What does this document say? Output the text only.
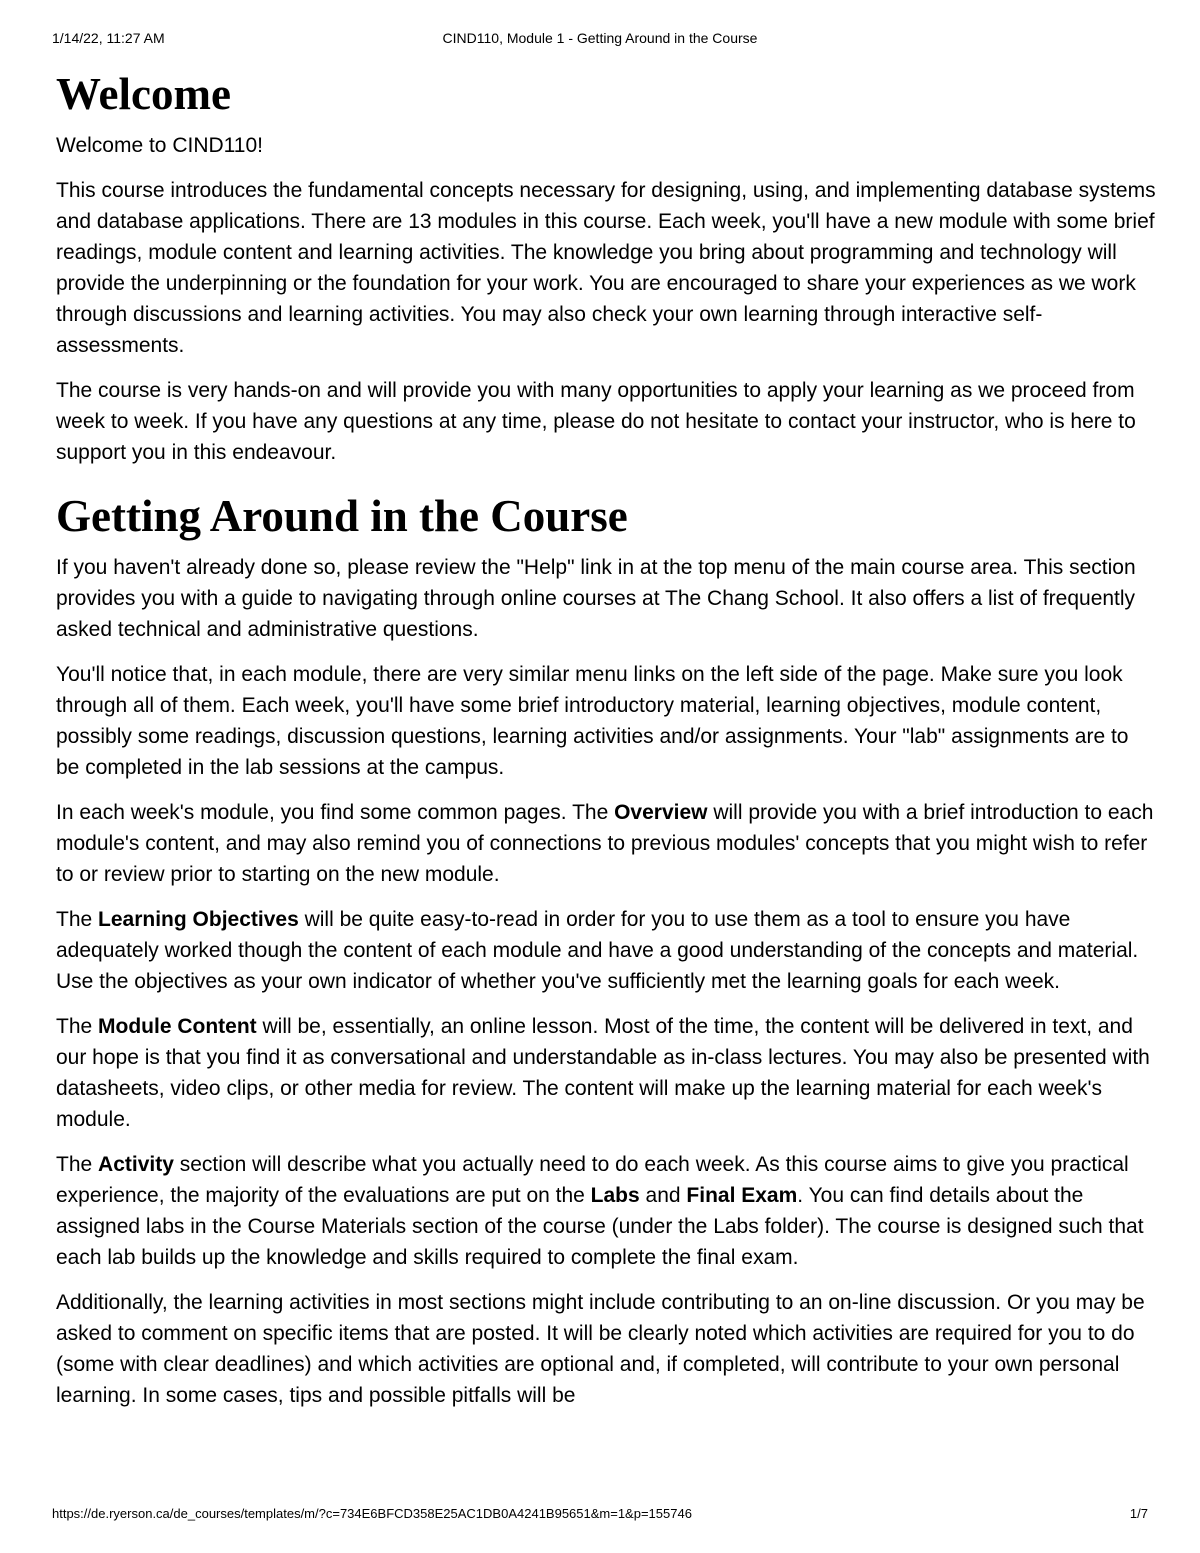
1/14/22, 11:27 AM	CIND110, Module 1 - Getting Around in the Course
Welcome

Welcome to CIND110!

This course introduces the fundamental concepts necessary for designing, using, and implementing database systems and database applications. There are 13 modules in this course. Each week, you'll have a new module with some brief readings, module content and learning activities. The knowledge you bring about programming and technology will provide the underpinning or the foundation for your work. You are encouraged to share your experiences as we work through discussions and learning activities. You may also check your own learning through interactive self-assessments.

The course is very hands-on and will provide you with many opportunities to apply your learning as we proceed from week to week. If you have any questions at any time, please do not hesitate to contact your instructor, who is here to support you in this endeavour.

Getting Around in the Course

If you haven't already done so, please review the "Help" link in at the top menu of the main course area. This section provides you with a guide to navigating through online courses at The Chang School. It also offers a list of frequently asked technical and administrative questions.

You'll notice that, in each module, there are very similar menu links on the left side of the page. Make sure you look through all of them. Each week, you'll have some brief introductory material, learning objectives, module content, possibly some readings, discussion questions, learning activities and/or assignments. Your "lab" assignments are to be completed in the lab sessions at the campus.

In each week's module, you find some common pages. The Overview will provide you with a brief introduction to each module's content, and may also remind you of connections to previous modules' concepts that you might wish to refer to or review prior to starting on the new module.

The Learning Objectives will be quite easy-to-read in order for you to use them as a tool to ensure you have adequately worked though the content of each module and have a good understanding of the concepts and material. Use the objectives as your own indicator of whether you've sufficiently met the learning goals for each week.

The Module Content will be, essentially, an online lesson. Most of the time, the content will be delivered in text, and our hope is that you find it as conversational and understandable as in-class lectures. You may also be presented with datasheets, video clips, or other media for review. The content will make up the learning material for each week's module.

The Activity section will describe what you actually need to do each week. As this course aims to give you practical experience, the majority of the evaluations are put on the Labs and Final Exam. You can find details about the assigned labs in the Course Materials section of the course (under the Labs folder). The course is designed such that each lab builds up the knowledge and skills required to complete the final exam.

Additionally, the learning activities in most sections might include contributing to an on-line discussion. Or you may be asked to comment on specific items that are posted. It will be clearly noted which activities are required for you to do (some with clear deadlines) and which activities are optional and, if completed, will contribute to your own personal learning. In some cases, tips and possible pitfalls will be

https://de.ryerson.ca/de_courses/templates/m/?c=734E6BFCD358E25AC1DB0A4241B95651&m=1&p=155746	1/7
